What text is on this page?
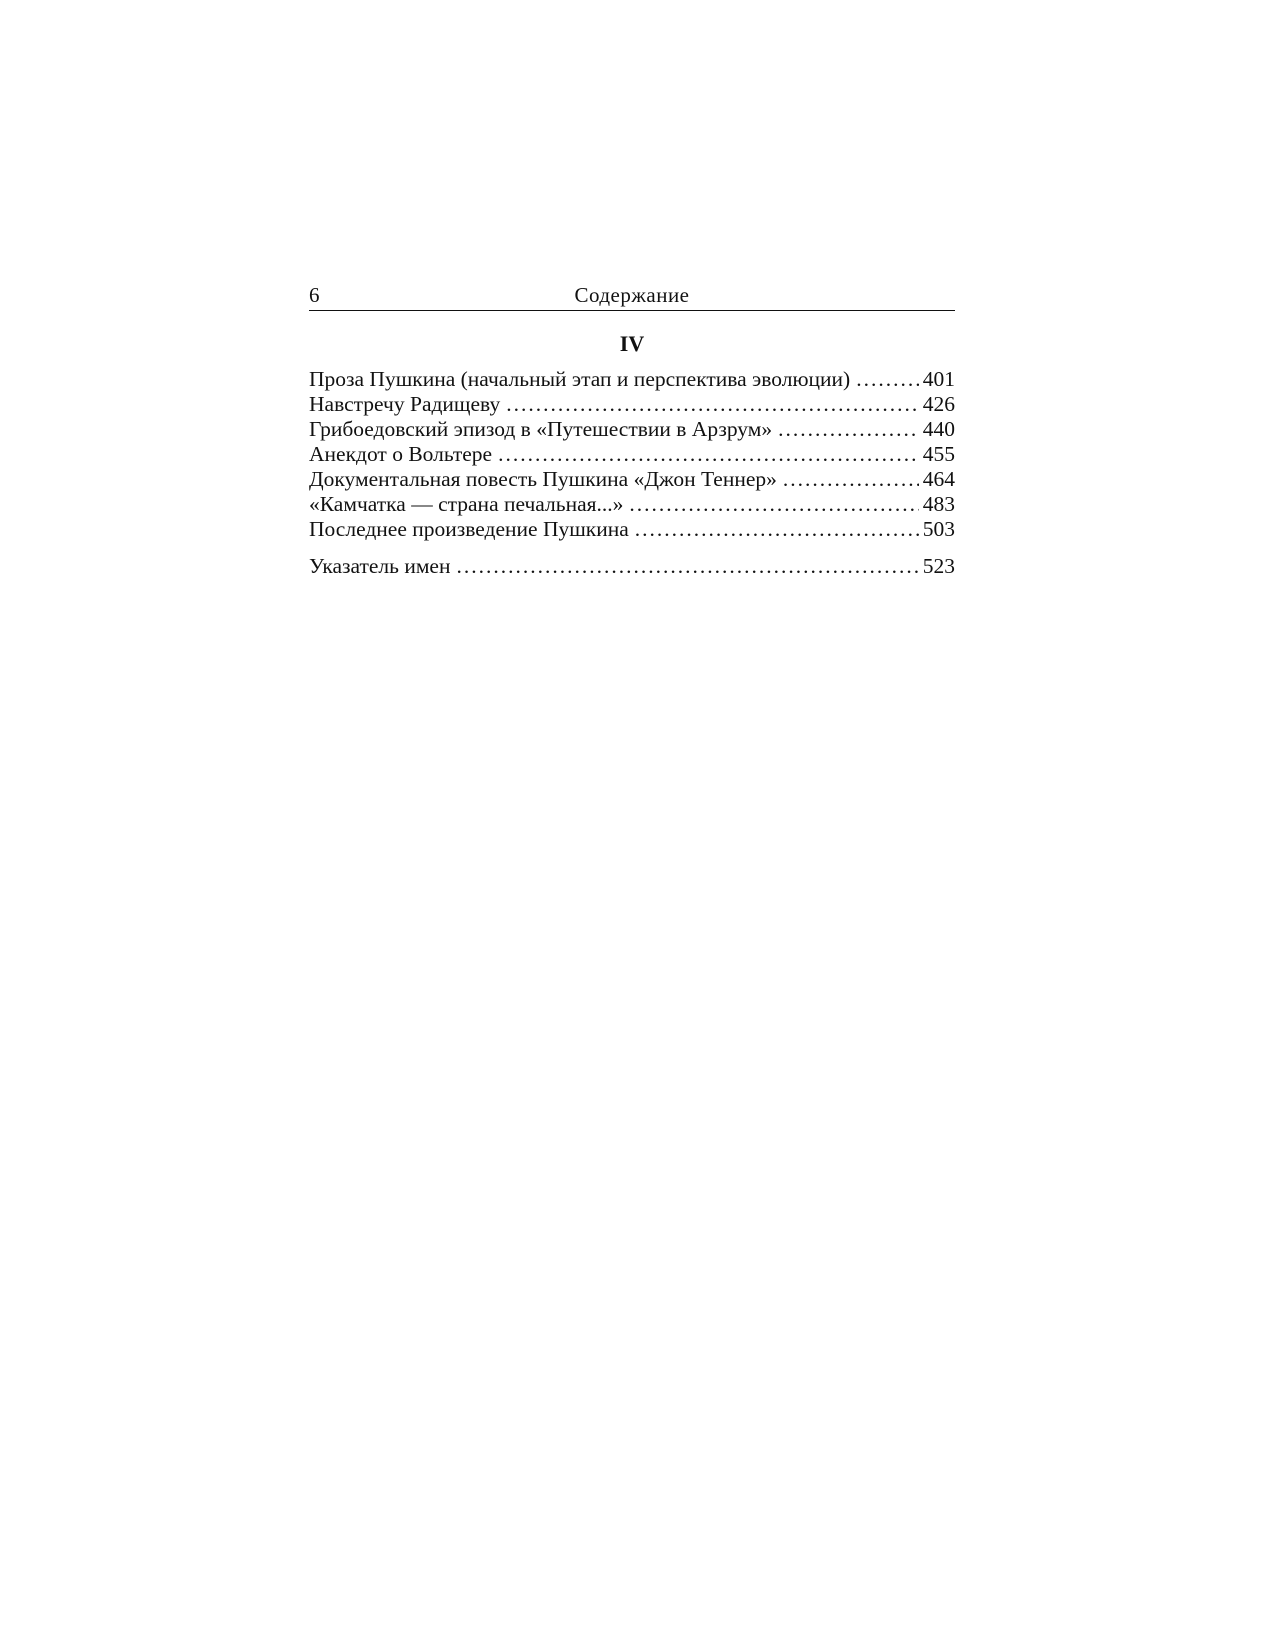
6	Содержание
IV
Проза Пушкина (начальный этап и перспектива эволюции) .....	401
Навстречу Радищеву .....	426
Грибоедовский эпизод в «Путешествии в Арзрум» .....	440
Анекдот о Вольтере .....	455
Документальная повесть Пушкина «Джон Теннер» .....	464
«Камчатка — страна печальная...» .....	483
Последнее произведение Пушкина .....	503
Указатель имен .....	523
